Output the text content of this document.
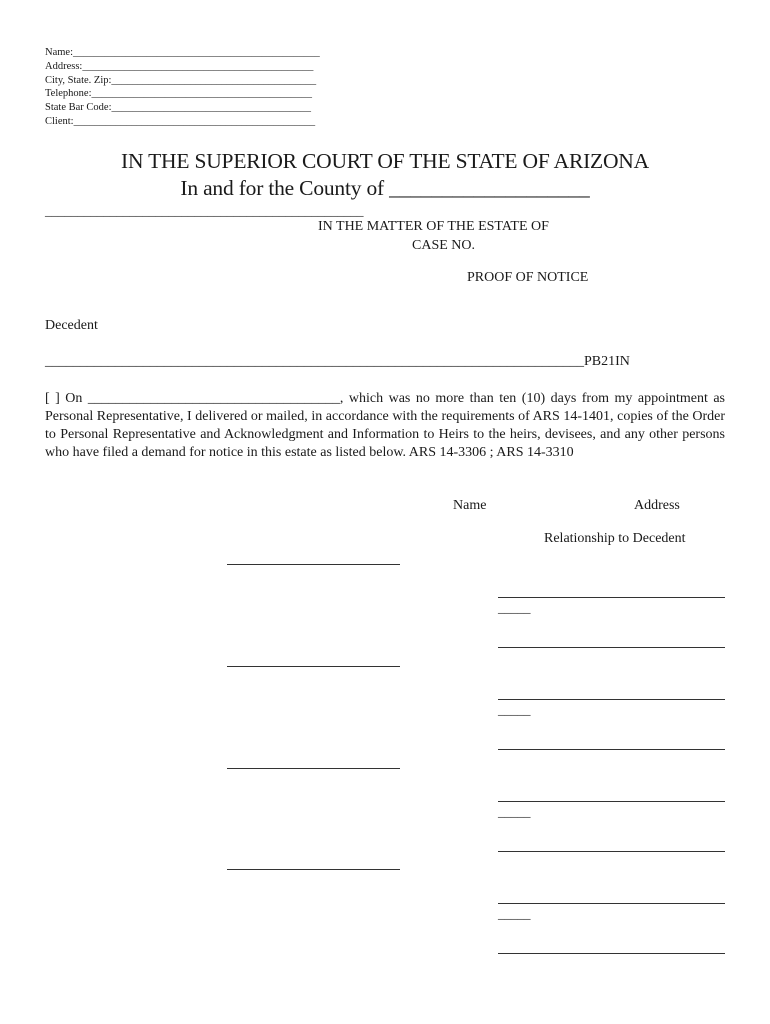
Name:_______________________________________________
Address:____________________________________________
City, State. Zip:_______________________________________
Telephone:__________________________________________
State Bar Code:______________________________________
Client:______________________________________________
IN THE SUPERIOR COURT OF THE STATE OF ARIZONA
In and for the County of ___________________
_________________________________________________
IN THE MATTER OF THE ESTATE OF
CASE NO.
PROOF OF NOTICE
Decedent
_____________________________________________________________________________PB21IN
[ ] On ____________________________________, which was no more than ten (10) days from my appointment as Personal Representative, I delivered or mailed, in accordance with the requirements of ARS 14-1401, copies of the Order to Personal Representative and Acknowledgment and Information to Heirs to the heirs, devisees, and any other persons who have filed a demand for notice in this estate as listed below. ARS 14-3306 ; ARS 14-3310
Name	Address
Relationship to Decedent
_____
_____
_____
_____
